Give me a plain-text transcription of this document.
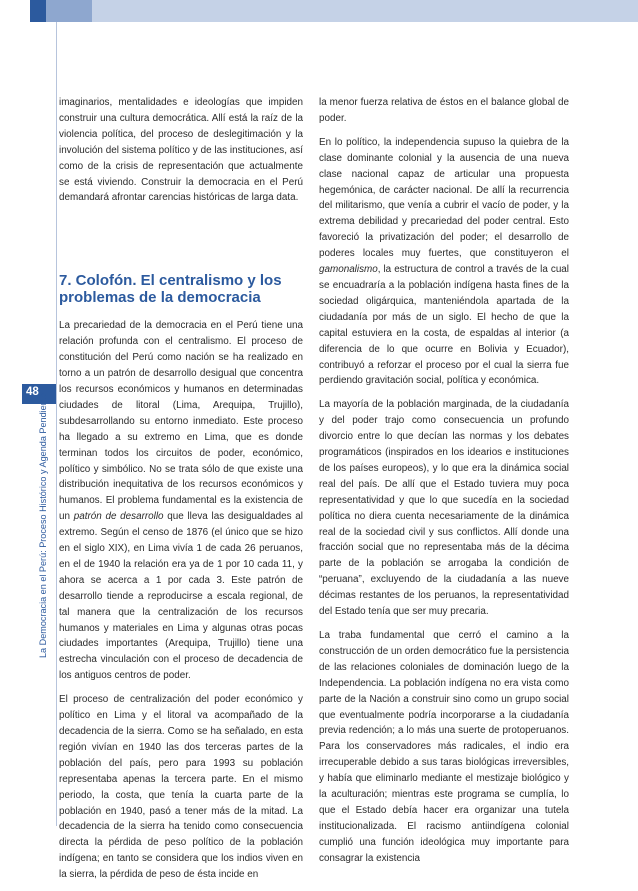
48
La Democracia en el Perú: Proceso Histórico y Agenda Pendiente

imaginarios, mentalidades e ideologías que impiden construir una cultura democrática. Allí está la raíz de la violencia política, del proceso de deslegitimación y la involución del sistema político y de las instituciones, así como de la crisis de representación que actualmente se está viviendo. Construir la democracia en el Perú demandará afrontar carencias históricas de larga data.

7. Colofón. El centralismo y los
problemas de la democracia

La precariedad de la democracia en el Perú tiene una relación profunda con el centralismo. El proceso de constitución del Perú como nación se ha realizado en torno a un patrón de desarrollo desigual que concentra los recursos económicos y humanos en determinadas ciudades de litoral (Lima, Arequipa, Trujillo), subdesarrollando su entorno inmediato. Este proceso ha llegado a su extremo en Lima, que es donde terminan todos los circuitos de poder, económico, político y simbólico. No se trata sólo de que existe una distribución inequitativa de los recursos económicos y humanos. El problema fundamental es la existencia de un patrón de desarrollo que lleva las desigualdades al extremo. Según el censo de 1876 (el único que se hizo en el siglo XIX), en Lima vivía 1 de cada 26 peruanos, en el de 1940 la relación era ya de 1 por 10 cada 11, y ahora se acerca a 1 por cada 3. Este patrón de desarrollo tiende a reproducirse a escala regional, de tal manera que la centralización de los recursos humanos y materiales en Lima y algunas otras pocas ciudades importantes (Arequipa, Trujillo) tiene una estrecha vinculación con el proceso de decadencia de los antiguos centros de poder.

El proceso de centralización del poder económico y político en Lima y el litoral va acompañado de la decadencia de la sierra. Como se ha señalado, en esta región vivían en 1940 las dos terceras partes de la población del país, pero para 1993 su población representaba apenas la tercera parte. En el mismo periodo, la costa, que tenía la cuarta parte de la población en 1940, pasó a tener más de la mitad. La decadencia de la sierra ha tenido como consecuencia directa la pérdida de peso político de la población indígena; en tanto se considera que los indios viven en la sierra, la pérdida de peso de ésta incide en

la menor fuerza relativa de éstos en el balance global de poder.

En lo político, la independencia supuso la quiebra de la clase dominante colonial y la ausencia de una nueva clase nacional capaz de articular una propuesta hegemónica, de carácter nacional. De allí la recurrencia del militarismo, que venía a cubrir el vacío de poder, y la extrema debilidad y precariedad del poder central. Esto favoreció la privatización del poder; el desarrollo de poderes locales muy fuertes, que constituyeron el gamonalismo, la estructura de control a través de la cual se encuadraría a la población indígena hasta fines de la sociedad oligárquica, manteniéndola apartada de la ciudadanía por más de un siglo. El hecho de que la capital estuviera en la costa, de espaldas al interior (a diferencia de lo que ocurre en Bolivia y Ecuador), contribuyó a reforzar el proceso por el cual la sierra fue perdiendo gravitación social, política y económica.

La mayoría de la población marginada, de la ciudadanía y del poder trajo como consecuencia un profundo divorcio entre lo que decían las normas y los debates programáticos (inspirados en los idearios e instituciones de los países europeos), y lo que era la dinámica social real del país. De allí que el Estado tuviera muy poca representatividad y que lo que sucedía en la sociedad política no diera cuenta necesariamente de la dinámica real de la sociedad civil y sus conflictos. Allí donde una fracción social que no representaba más de la décima parte de la población se arrogaba la condición de “peruana”, excluyendo de la ciudadanía a las nueve décimas restantes de los peruanos, la representatividad del Estado tenía que ser muy precaria.

La traba fundamental que cerró el camino a la construcción de un orden democrático fue la persistencia de las relaciones coloniales de dominación luego de la Independencia. La población indígena no era vista como parte de la Nación a construir sino como un grupo social que eventualmente podría incorporarse a la ciudadanía previa redención; a lo más una suerte de protoperuanos. Para los conservadores más radicales, el indio era irrecuperable debido a sus taras biológicas irreversibles, y había que eliminarlo mediante el mestizaje biológico y la aculturación; mientras este programa se cumplía, lo que el Estado debía hacer era organizar una tutela institucionalizada. El racismo antiindígena colonial cumplió una función ideológica muy importante para consagrar la existencia
